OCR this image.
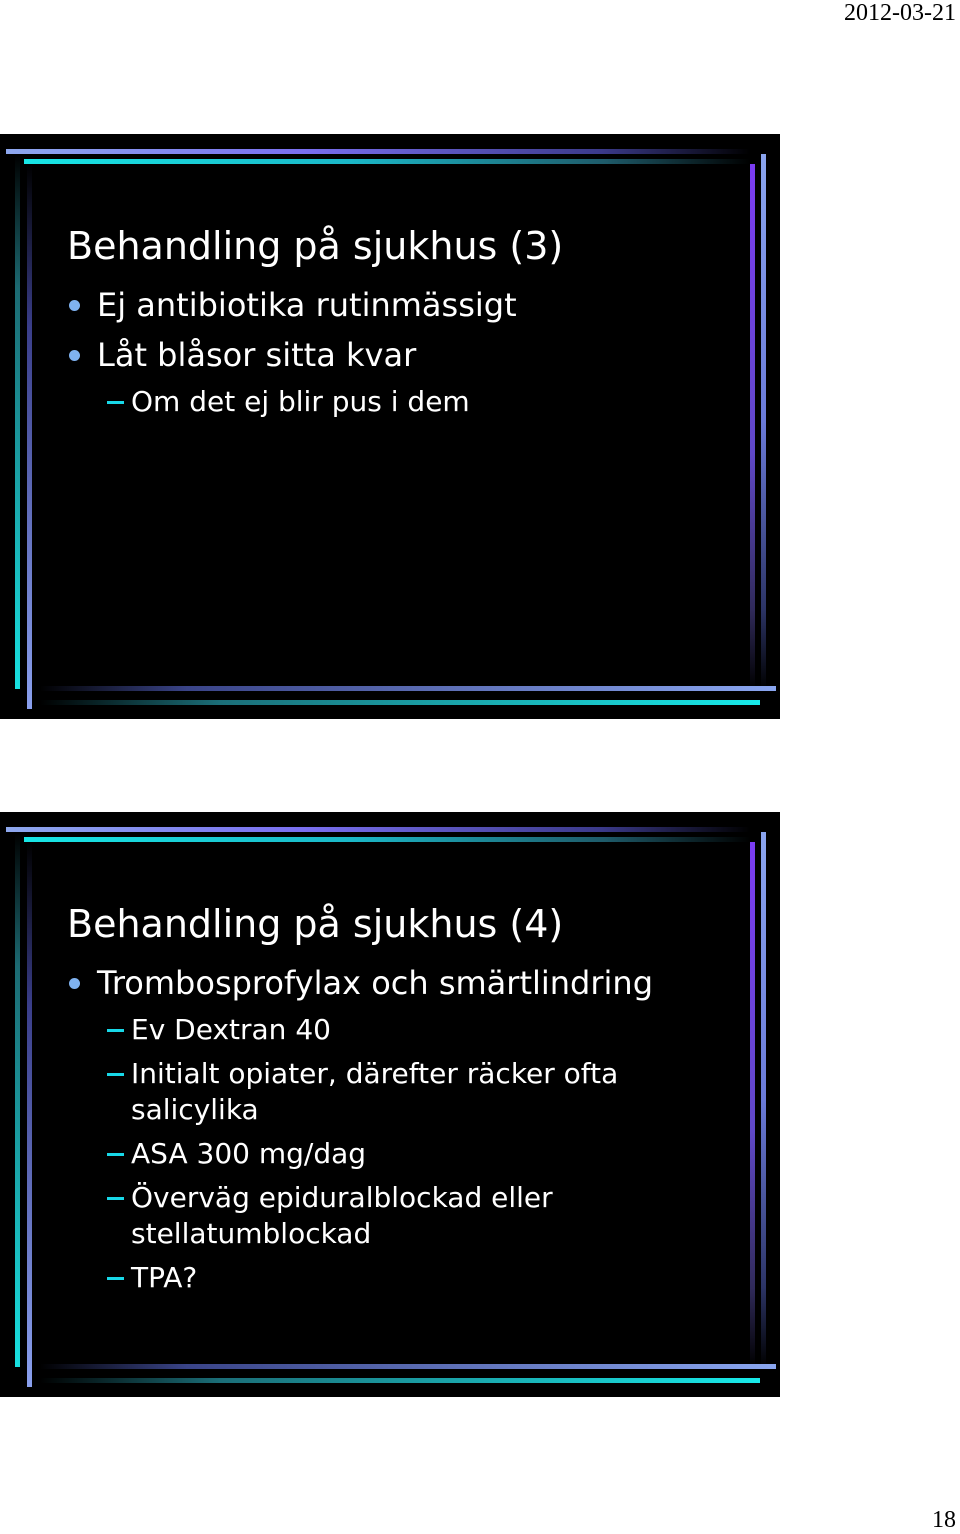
2012-03-21
Behandling på sjukhus (3)
Ej antibiotika rutinmässigt
Låt blåsor sitta kvar
Om det ej blir pus i dem
Behandling på sjukhus (4)
Trombosprofylax och smärtlindring
Ev Dextran 40
Initialt opiater, därefter räcker ofta salicylika
ASA 300 mg/dag
Överväg epiduralblockad eller stellatumblockad
TPA?
18
